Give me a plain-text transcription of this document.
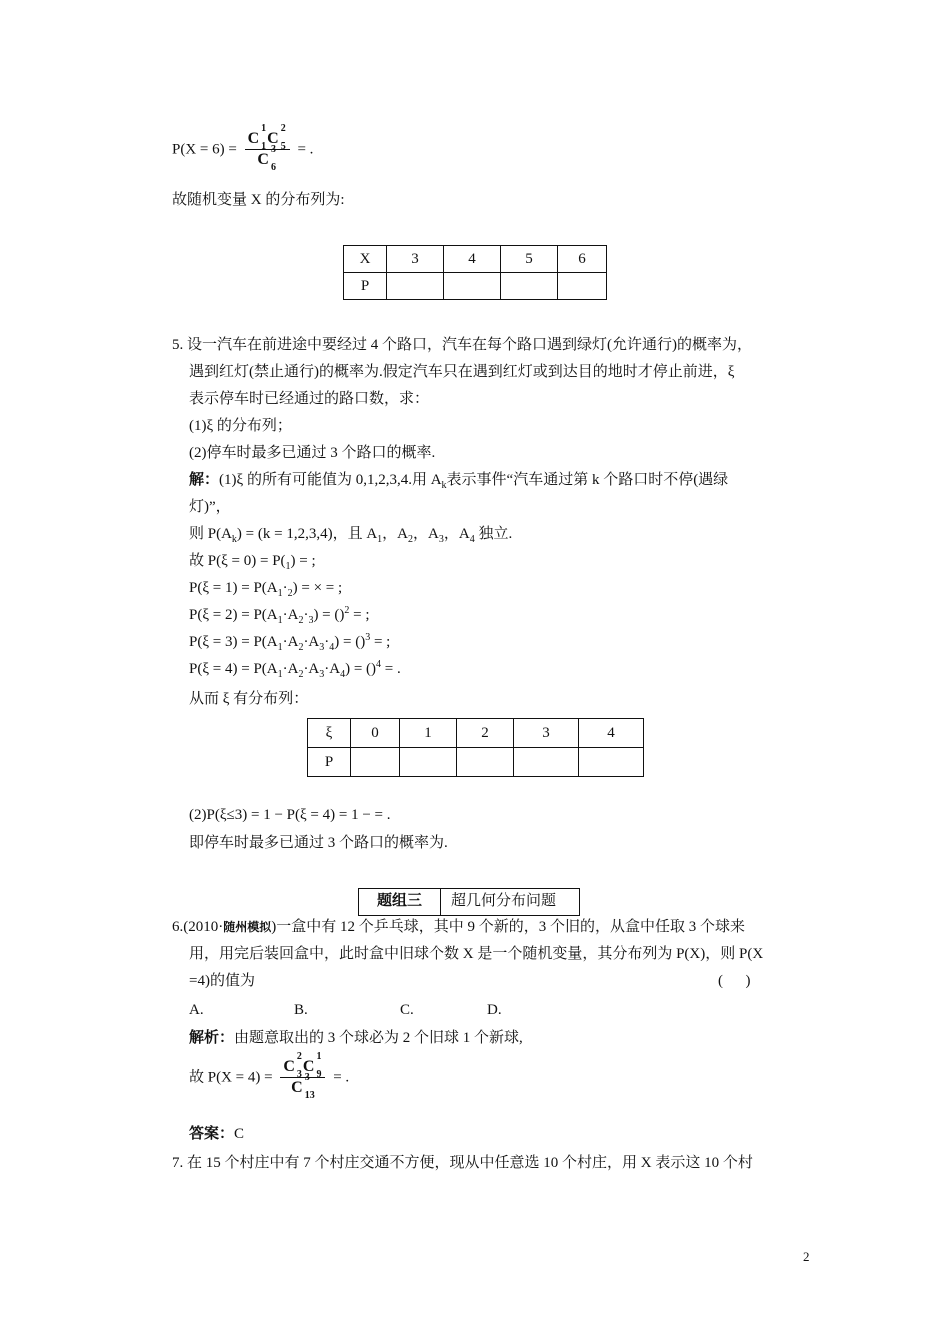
P(X = 6) = C
1
1 C
2
5
C
3
6 = .
故随机变量 X 的分布列为:
X	3	4	5	6
P				
5. 设一汽车在前进途中要经过 4 个路口，汽车在每个路口遇到绿灯(允许通行)的概率为，
遇到红灯(禁止通行)的概率为.假定汽车只在遇到红灯或到达目的地时才停止前进，ξ
表示停车时已经通过的路口数，求：
(1)ξ 的分布列；
(2)停车时最多已通过 3 个路口的概率.
解：(1)ξ 的所有可能值为 0,1,2,3,4.用 $A_k$表示事件“汽车通过第 k 个路口时不停(遇绿
灯)”，
则 $P(A_k) = (k = 1,2,3,4)$，且 $A_1$，$A_2$，$A_3$，$A_4$ 独立.
故 $P(\xi = 0) = P(_1)$ = ;
$P(\xi = 1) = P(A_1\cdot_2)$ = × = ;
$P(\xi = 2) = P(A_1\cdot A_2\cdot_3) = ()^2$ = ;
$P(\xi = 3) = P(A_1\cdot A_2\cdot A_3\cdot_4) = ()^3$ = ;
$P(\xi = 4) = P(A_1\cdot A_2\cdot A_3\cdot A_4) = ()^4$ = .
从而 ξ 有分布列：
ξ	0	1	2	3	4
P					
(2)P(ξ≤3) = 1 − P(ξ = 4) = 1 − = .
即停车时最多已通过 3 个路口的概率为.
题组三	超几何分布问题
6.(2010·随州模拟)一盒中有 12 个乒乓球，其中 9 个新的，3 个旧的，从盒中任取 3 个球来
用，用完后装回盒中，此时盒中旧球个数 X 是一个随机变量，其分布列为 P(X)，则 P(X
=4)的值为	(      )
A.	B.	C.	D.
解析：由题意取出的 3 个球必为 2 个旧球 1 个新球,
故 P(X = 4) = C
2
3 C
1
9
C
3
13 = .
答案：C
7. 在 15 个村庄中有 7 个村庄交通不方便，现从中任意选 10 个村庄，用 X 表示这 10 个村
2
